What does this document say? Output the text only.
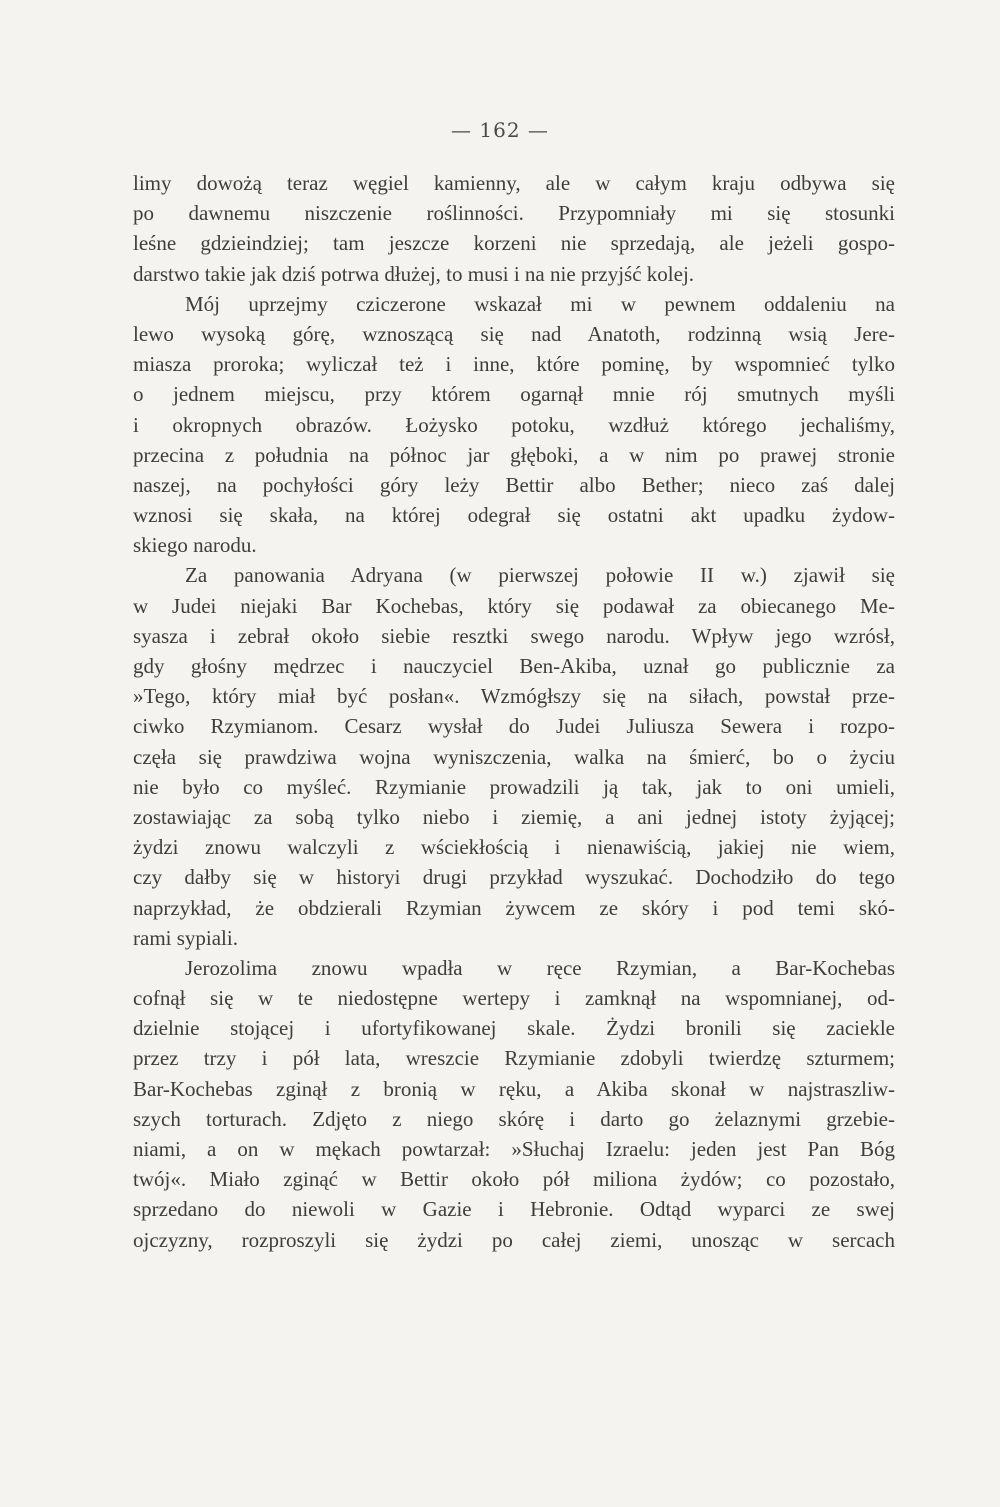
— 162 —
limy dowożą teraz węgiel kamienny, ale w całym kraju odbywa się
po dawnemu niszczenie roślinności. Przypomniały mi się stosunki
leśne gdzieindziej; tam jeszcze korzeni nie sprzedają, ale jeżeli gospo-
darstwo takie jak dziś potrwa dłużej, to musi i na nie przyjść kolej.
Mój uprzejmy cziczerone wskazał mi w pewnem oddaleniu na
lewo wysoką górę, wznoszącą się nad Anatoth, rodzinną wsią Jere-
miasza proroka; wyliczał też i inne, które pominę, by wspomnieć tylko
o jednem miejscu, przy którem ogarnął mnie rój smutnych myśli
i okropnych obrazów. Łożysko potoku, wzdłuż którego jechaliśmy,
przecina z południa na północ jar głęboki, a w nim po prawej stronie
naszej, na pochyłości góry leży Bettir albo Bether; nieco zaś dalej
wznosi się skała, na której odegrał się ostatni akt upadku żydow-
skiego narodu.
Za panowania Adryana (w pierwszej połowie II w.) zjawił się
w Judei niejaki Bar Kochebas, który się podawał za obiecanego Me-
syasza i zebrał około siebie resztki swego narodu. Wpływ jego wzrósł,
gdy głośny mędrzec i nauczyciel Ben-Akiba, uznał go publicznie za
»Tego, który miał być posłan«. Wzmógłszy się na siłach, powstał prze-
ciwko Rzymianom. Cesarz wysłał do Judei Juliusza Sewera i rozpo-
częła się prawdziwa wojna wyniszczenia, walka na śmierć, bo o życiu
nie było co myśleć. Rzymianie prowadzili ją tak, jak to oni umieli,
zostawiając za sobą tylko niebo i ziemię, a ani jednej istoty żyjącej;
żydzi znowu walczyli z wściekłością i nienawiścią, jakiej nie wiem,
czy dałby się w historyi drugi przykład wyszukać. Dochodziło do tego
naprzykład, że obdzierali Rzymian żywcem ze skóry i pod temi skó-
rami sypiali.
Jerozolima znowu wpadła w ręce Rzymian, a Bar-Kochebas
cofnął się w te niedostępne wertepy i zamknął na wspomnianej, od-
dzielnie stojącej i ufortyfikowanej skale. Żydzi bronili się zaciekle
przez trzy i pół lata, wreszcie Rzymianie zdobyli twierdzę szturmem;
Bar-Kochebas zginął z bronią w ręku, a Akiba skonał w najstraszliw-
szych torturach. Zdjęto z niego skórę i darto go żelaznymi grzebie-
niami, a on w mękach powtarzał: »Słuchaj Izraelu: jeden jest Pan Bóg
twój«. Miało zginąć w Bettir około pół miliona żydów; co pozostało,
sprzedano do niewoli w Gazie i Hebronie. Odtąd wyparci ze swej
ojczyzny, rozproszyli się żydzi po całej ziemi, unosząc w sercach
